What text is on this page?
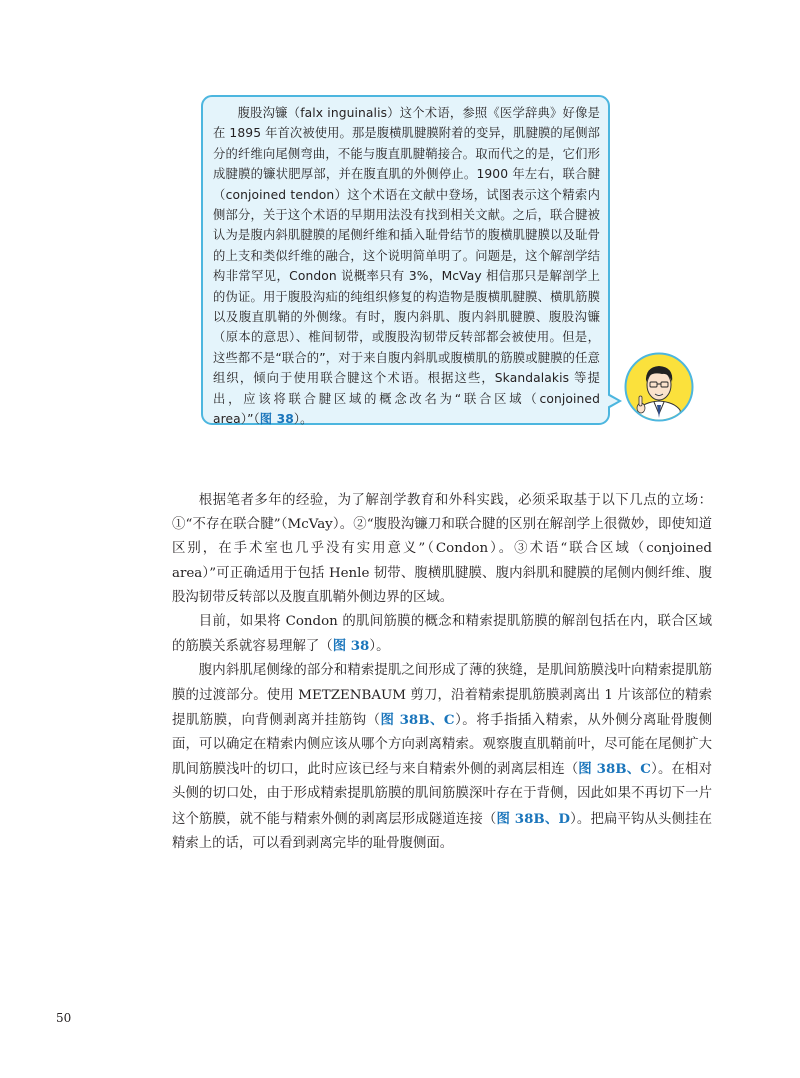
腹股沟镰（falx inguinalis）这个术语，参照《医学辞典》好像是在 1895 年首次被使用。那是腹横肌腱膜附着的变异，肌腱膜的尾侧部分的纤维向尾侧弯曲，不能与腹直肌腱鞘接合。取而代之的是，它们形成腱膜的镰状肥厚部，并在腹直肌的外侧停止。1900 年左右，联合腱（conjoined tendon）这个术语在文献中登场，试图表示这个精索内侧部分，关于这个术语的早期用法没有找到相关文献。之后，联合腱被认为是腹内斜肌腱膜的尾侧纤维和插入耻骨结节的腹横肌腱膜以及耻骨的上支和类似纤维的融合，这个说明简单明了。问题是，这个解剖学结构非常罕见，Condon 说概率只有 3%，McVay 相信那只是解剖学上的伪证。用于腹股沟疝的纯组织修复的构造物是腹横肌腱膜、横肌筋膜以及腹直肌鞘的外侧缘。有时，腹内斜肌、腹内斜肌腱膜、腹股沟镰（原本的意思）、椎间韧带，或腹股沟韧带反转部都会被使用。但是，这些都不是“联合的”，对于来自腹内斜肌或腹横肌的筋膜或腱膜的任意组织，倾向于使用联合腱这个术语。根据这些，Skandalakis 等提出，应该将联合腱区域的概念改名为“联合区域（conjoined area）”（图 38）。

根据笔者多年的经验，为了解剖学教育和外科实践，必须采取基于以下几点的立场：①“不存在联合腱”（McVay）。②“腹股沟镰刀和联合腱的区别在解剖学上很微妙，即使知道区别，在手术室也几乎没有实用意义”（Condon）。③术语“联合区域（conjoined area）”可正确适用于包括 Henle 韧带、腹横肌腱膜、腹内斜肌和腱膜的尾侧内侧纤维、腹股沟韧带反转部以及腹直肌鞘外侧边界的区域。

目前，如果将 Condon 的肌间筋膜的概念和精索提肌筋膜的解剖包括在内，联合区域的筋膜关系就容易理解了（图 38）。

腹内斜肌尾侧缘的部分和精索提肌之间形成了薄的狭缝，是肌间筋膜浅叶向精索提肌筋膜的过渡部分。使用 METZENBAUM 剪刀，沿着精索提肌筋膜剥离出 1 片该部位的精索提肌筋膜，向背侧剥离并挂筋钩（图 38B、C）。将手指插入精索，从外侧分离耻骨腹侧面，可以确定在精索内侧应该从哪个方向剥离精索。观察腹直肌鞘前叶，尽可能在尾侧扩大肌间筋膜浅叶的切口，此时应该已经与来自精索外侧的剥离层相连（图 38B、C）。在相对头侧的切口处，由于形成精索提肌筋膜的肌间筋膜深叶存在于背侧，因此如果不再切下一片这个筋膜，就不能与精索外侧的剥离层形成隧道连接（图 38B、D）。把扁平钩从头侧挂在精索上的话，可以看到剥离完毕的耻骨腹侧面。

50
